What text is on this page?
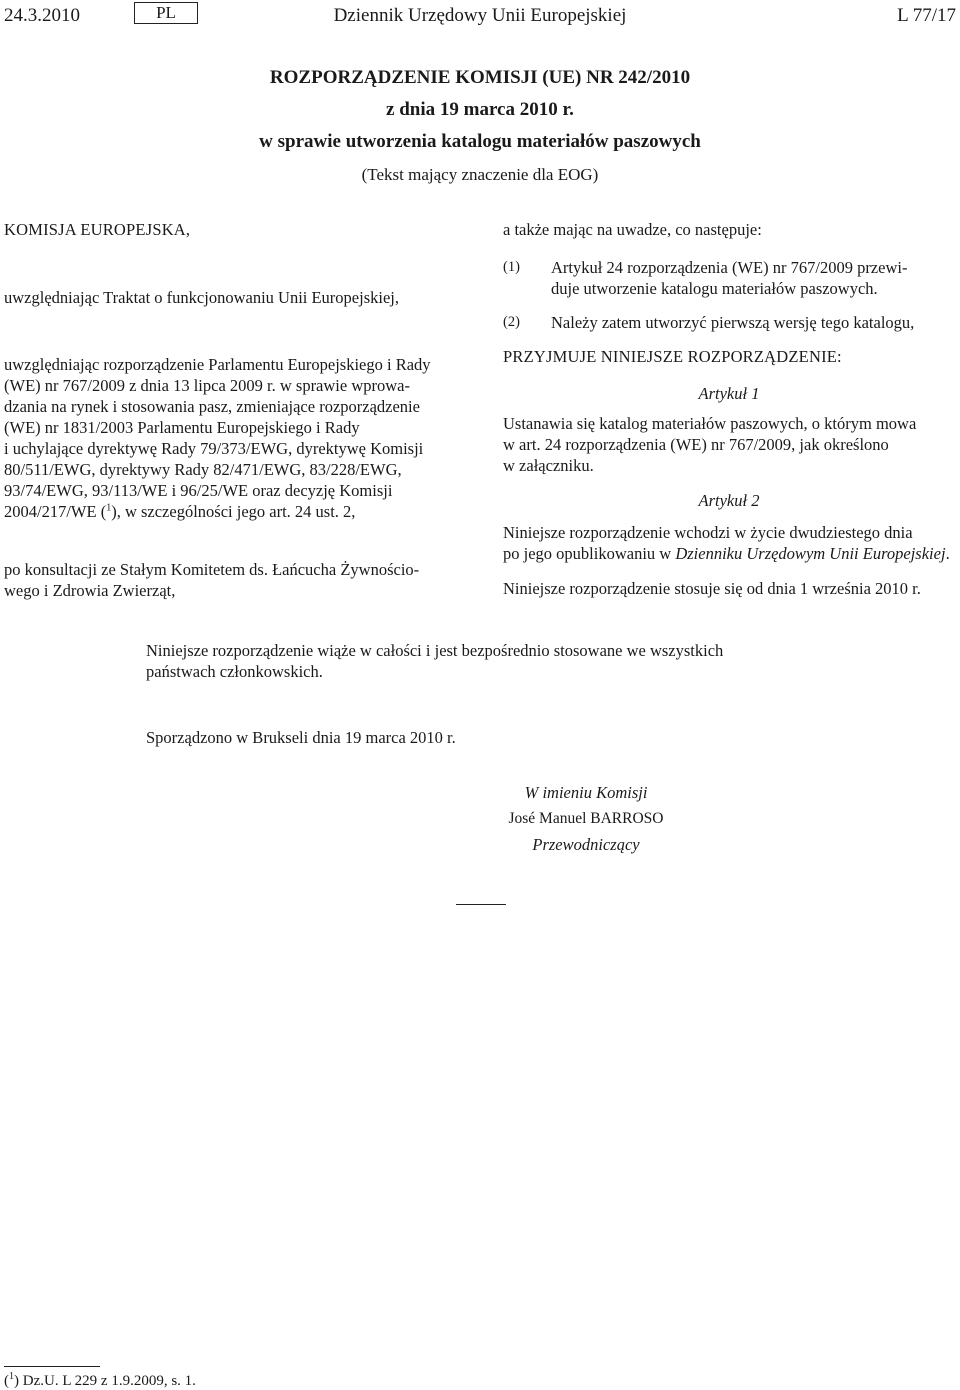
24.3.2010	PL	Dziennik Urzędowy Unii Europejskiej	L 77/17
ROZPORZĄDZENIE KOMISJI (UE) NR 242/2010
z dnia 19 marca 2010 r.
w sprawie utworzenia katalogu materiałów paszowych
(Tekst mający znaczenie dla EOG)
KOMISJA EUROPEJSKA,
uwzględniając Traktat o funkcjonowaniu Unii Europejskiej,
uwzględniając rozporządzenie Parlamentu Europejskiego i Rady
(WE) nr 767/2009 z dnia 13 lipca 2009 r. w sprawie wprowa-
dzania na rynek i stosowania pasz, zmieniające rozporządzenie
(WE) nr 1831/2003 Parlamentu Europejskiego i Rady
i uchylające dyrektywę Rady 79/373/EWG, dyrektywę Komisji
80/511/EWG, dyrektywy Rady 82/471/EWG, 83/228/EWG,
93/74/EWG, 93/113/WE i 96/25/WE oraz decyzję Komisji
2004/217/WE ($^1$), w szczególności jego art. 24 ust. 2,
po konsultacji ze Stałym Komitetem ds. Łańcucha Żywnościo-
wego i Zdrowia Zwierząt,
a także mając na uwadze, co następuje:
(1) Artykuł 24 rozporządzenia (WE) nr 767/2009 przewi-
duje utworzenie katalogu materiałów paszowych.
(2) Należy zatem utworzyć pierwszą wersję tego katalogu,
PRZYJMUJE NINIEJSZE ROZPORZĄDZENIE:
Artykuł 1
Ustanawia się katalog materiałów paszowych, o którym mowa
w art. 24 rozporządzenia (WE) nr 767/2009, jak określono
w załączniku.
Artykuł 2
Niniejsze rozporządzenie wchodzi w życie dwudziestego dnia
po jego opublikowaniu w Dzienniku Urzędowym Unii Europejskiej.
Niniejsze rozporządzenie stosuje się od dnia 1 września 2010 r.
Niniejsze rozporządzenie wiąże w całości i jest bezpośrednio stosowane we wszystkich
państwach członkowskich.
Sporządzono w Brukseli dnia 19 marca 2010 r.
W imieniu Komisji
José Manuel BARROSO
Przewodniczący
($^1$) Dz.U. L 229 z 1.9.2009, s. 1.
